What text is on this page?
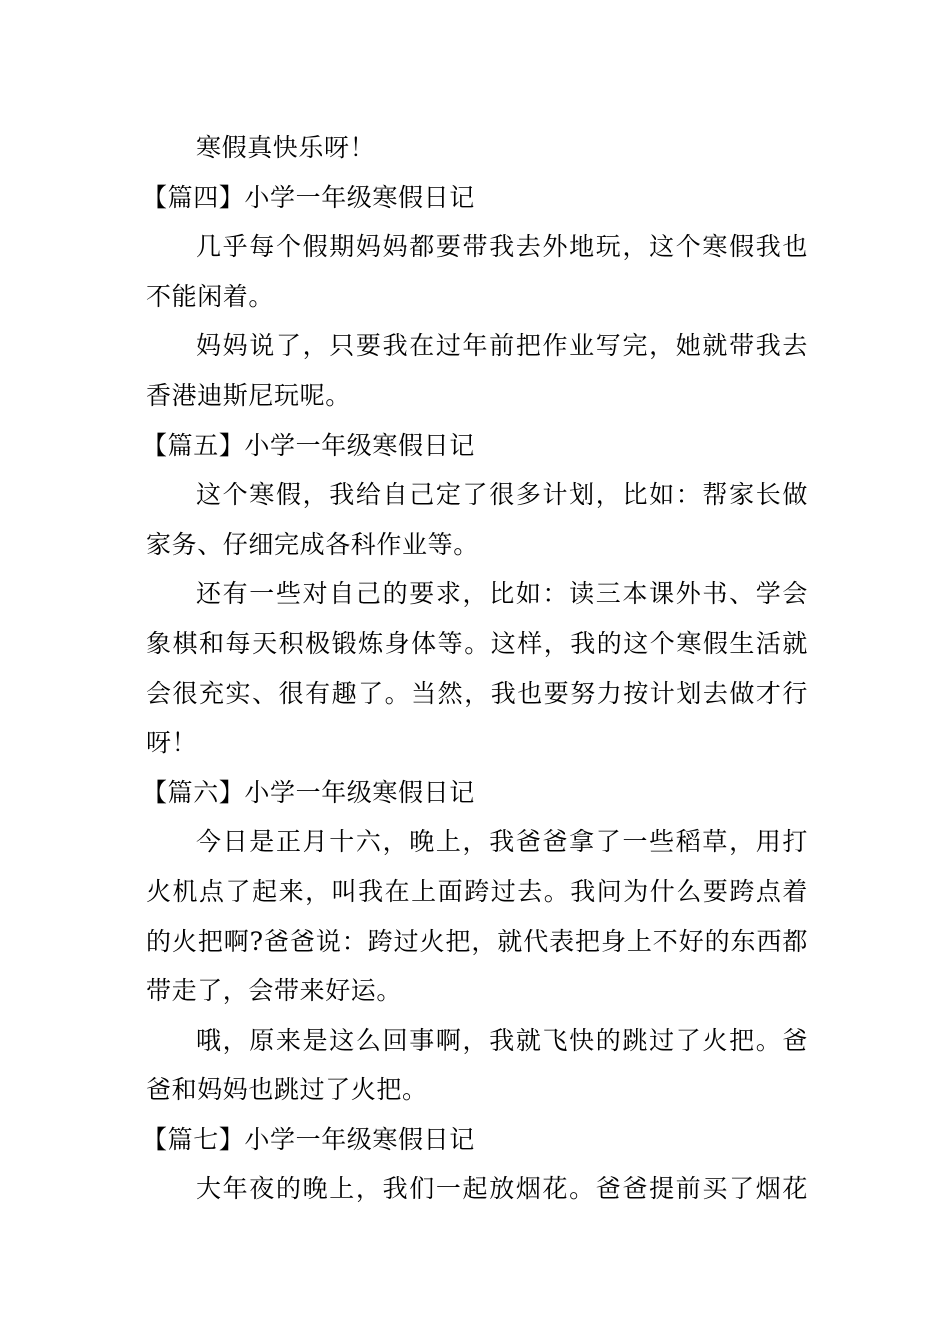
寒假真快乐呀！
【篇四】小学一年级寒假日记
几乎每个假期妈妈都要带我去外地玩，这个寒假我也
不能闲着。
妈妈说了，只要我在过年前把作业写完，她就带我去
香港迪斯尼玩呢。
【篇五】小学一年级寒假日记
这个寒假，我给自己定了很多计划，比如：帮家长做
家务、仔细完成各科作业等。
还有一些对自己的要求，比如：读三本课外书、学会
象棋和每天积极锻炼身体等。这样，我的这个寒假生活就
会很充实、很有趣了。当然，我也要努力按计划去做才行
呀！
【篇六】小学一年级寒假日记
今日是正月十六，晚上，我爸爸拿了一些稻草，用打
火机点了起来，叫我在上面跨过去。我问为什么要跨点着
的火把啊?爸爸说：跨过火把，就代表把身上不好的东西都
带走了，会带来好运。
哦，原来是这么回事啊，我就飞快的跳过了火把。爸
爸和妈妈也跳过了火把。
【篇七】小学一年级寒假日记
大年夜的晚上，我们一起放烟花。爸爸提前买了烟花
